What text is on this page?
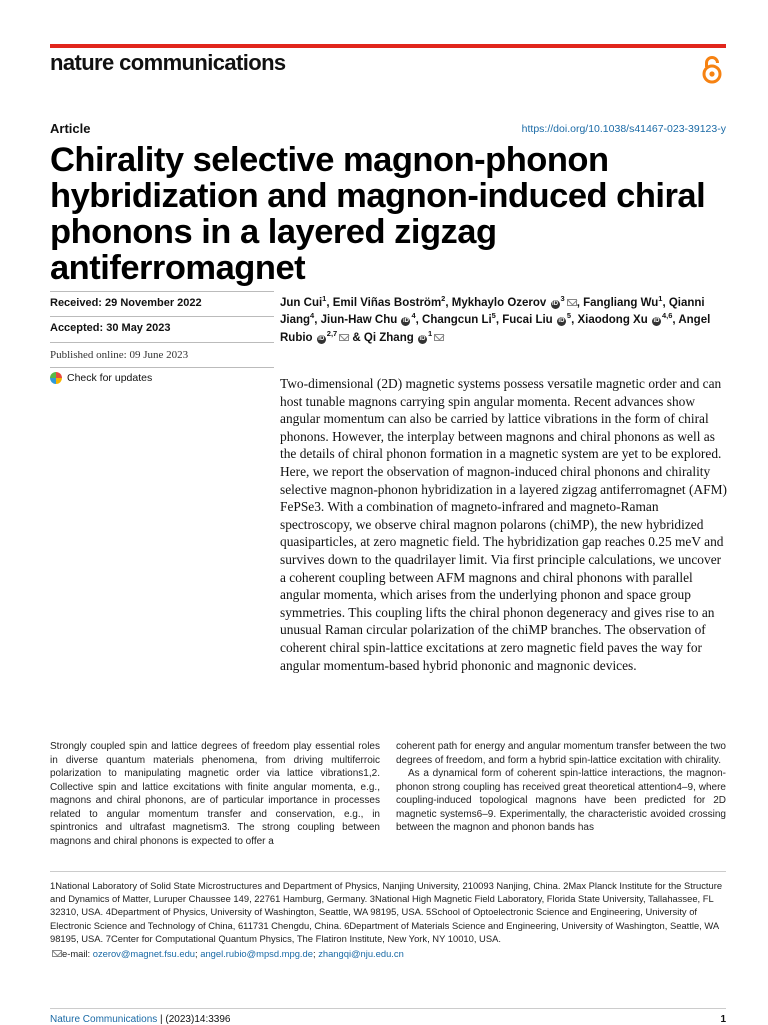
nature communications
Article	https://doi.org/10.1038/s41467-023-39123-y
Chirality selective magnon-phonon hybridization and magnon-induced chiral phonons in a layered zigzag antiferromagnet
Received: 29 November 2022
Accepted: 30 May 2023
Published online: 09 June 2023
Check for updates
Jun Cui$^1$, Emil Viñas Boström$^2$, Mykhaylo Ozerov $iD^3$ , Fangliang Wu$^1$, Qianni Jiang$^4$, Jiun-Haw Chu $iD^4$, Changcun Li$^5$, Fucai Liu $iD^5$, Xiaodong Xu iD$^{4,6}$, Angel Rubio iD$^{2,7}$ & Qi Zhang $iD^1$

Two-dimensional (2D) magnetic systems possess versatile magnetic order and can host tunable magnons carrying spin angular momenta. Recent advances show angular momentum can also be carried by lattice vibrations in the form of chiral phonons. However, the interplay between magnons and chiral phonons as well as the details of chiral phonon formation in a magnetic system are yet to be explored. Here, we report the observation of magnon-induced chiral phonons and chirality selective magnon-phonon hybridization in a layered zigzag antiferromagnet (AFM) FePSe3. With a combination of magneto-infrared and magneto-Raman spectroscopy, we observe chiral magnon polarons (chiMP), the new hybridized quasiparticles, at zero magnetic field. The hybridization gap reaches 0.25 meV and survives down to the quadrilayer limit. Via first principle calculations, we uncover a coherent coupling between AFM magnons and chiral phonons with parallel angular momenta, which arises from the underlying phonon and space group symmetries. This coupling lifts the chiral phonon degeneracy and gives rise to an unusual Raman circular polarization of the chiMP branches. The observation of coherent chiral spin-lattice excitations at zero magnetic field paves the way for angular momentum-based hybrid phononic and magnonic devices.

Strongly coupled spin and lattice degrees of freedom play essential roles in diverse quantum materials phenomena, from driving multiferroic polarization to manipulating magnetic order via lattice vibrations1,2. Collective spin and lattice excitations with finite angular momenta, e.g., magnons and chiral phonons, are of particular importance in processes related to angular momentum transfer and conservation, e.g., in spintronics and ultrafast magnetism3. The strong coupling between magnons and chiral phonons is expected to offer a

coherent path for energy and angular momentum transfer between the two degrees of freedom, and form a hybrid spin-lattice excitation with chirality.

As a dynamical form of coherent spin-lattice interactions, the magnon-phonon strong coupling has received great theoretical attention4–9, where coupling-induced topological magnons have been predicted for 2D magnetic systems6–9. Experimentally, the characteristic avoided crossing between the magnon and phonon bands has

1National Laboratory of Solid State Microstructures and Department of Physics, Nanjing University, 210093 Nanjing, China. 2Max Planck Institute for the Structure and Dynamics of Matter, Luruper Chaussee 149, 22761 Hamburg, Germany. 3National High Magnetic Field Laboratory, Florida State University, Tallahassee, FL 32310, USA. 4Department of Physics, University of Washington, Seattle, WA 98195, USA. 5School of Optoelectronic Science and Engineering, University of Electronic Science and Technology of China, 611731 Chengdu, China. 6Department of Materials Science and Engineering, University of Washington, Seattle, WA 98195, USA. 7Center for Computational Quantum Physics, The Flatiron Institute, New York, NY 10010, USA.

e-mail: ozerov@magnet.fsu.edu; angel.rubio@mpsd.mpg.de; zhangqi@nju.edu.cn
Nature Communications | (2023)14:3396	1
